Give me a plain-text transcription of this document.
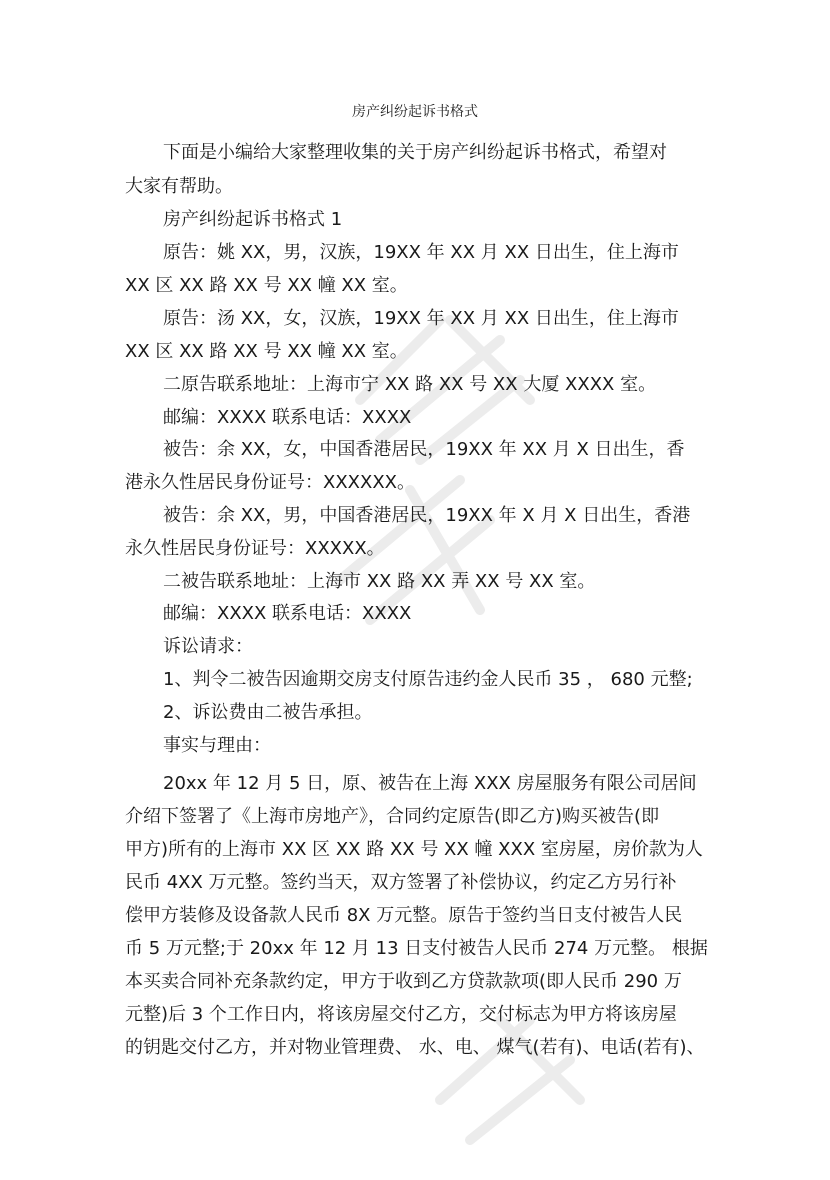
房产纠纷起诉书格式
下面是小编给大家整理收集的关于房产纠纷起诉书格式，希望对
大家有帮助。
房产纠纷起诉书格式 1
原告：姚 XX，男，汉族，19XX 年 XX 月 XX 日出生，住上海市
XX 区 XX 路 XX 号 XX 幢 XX 室。
原告：汤 XX，女，汉族，19XX 年 XX 月 XX 日出生，住上海市
XX 区 XX 路 XX 号 XX 幢 XX 室。
二原告联系地址：上海市宁 XX 路 XX 号 XX 大厦 XXXX 室。
邮编：XXXX 联系电话：XXXX
被告：余 XX，女，中国香港居民，19XX 年 XX 月 X 日出生，香
港永久性居民身份证号：XXXXXX。
被告：余 XX，男，中国香港居民，19XX 年 X 月 X 日出生，香港
永久性居民身份证号：XXXXX。
二被告联系地址：上海市 XX 路 XX 弄 XX 号 XX 室。
邮编：XXXX 联系电话：XXXX
诉讼请求：
1、判令二被告因逾期交房支付原告违约金人民币 35 ， 680 元整;
2、诉讼费由二被告承担。
事实与理由：
20xx 年 12 月 5 日，原、被告在上海 XXX 房屋服务有限公司居间
介绍下签署了《上海市房地产》，合同约定原告(即乙方)购买被告(即
甲方)所有的上海市 XX 区 XX 路 XX 号 XX 幢 XXX 室房屋，房价款为人
民币 4XX 万元整。签约当天，双方签署了补偿协议，约定乙方另行补
偿甲方装修及设备款人民币 8X 万元整。原告于签约当日支付被告人民
币 5 万元整;于 20xx 年 12 月 13 日支付被告人民币 274 万元整。 根据
本买卖合同补充条款约定，甲方于收到乙方贷款款项(即人民币 290 万
元整)后 3 个工作日内，将该房屋交付乙方，交付标志为甲方将该房屋
的钥匙交付乙方，并对物业管理费、 水、电、 煤气(若有)、电话(若有)、
